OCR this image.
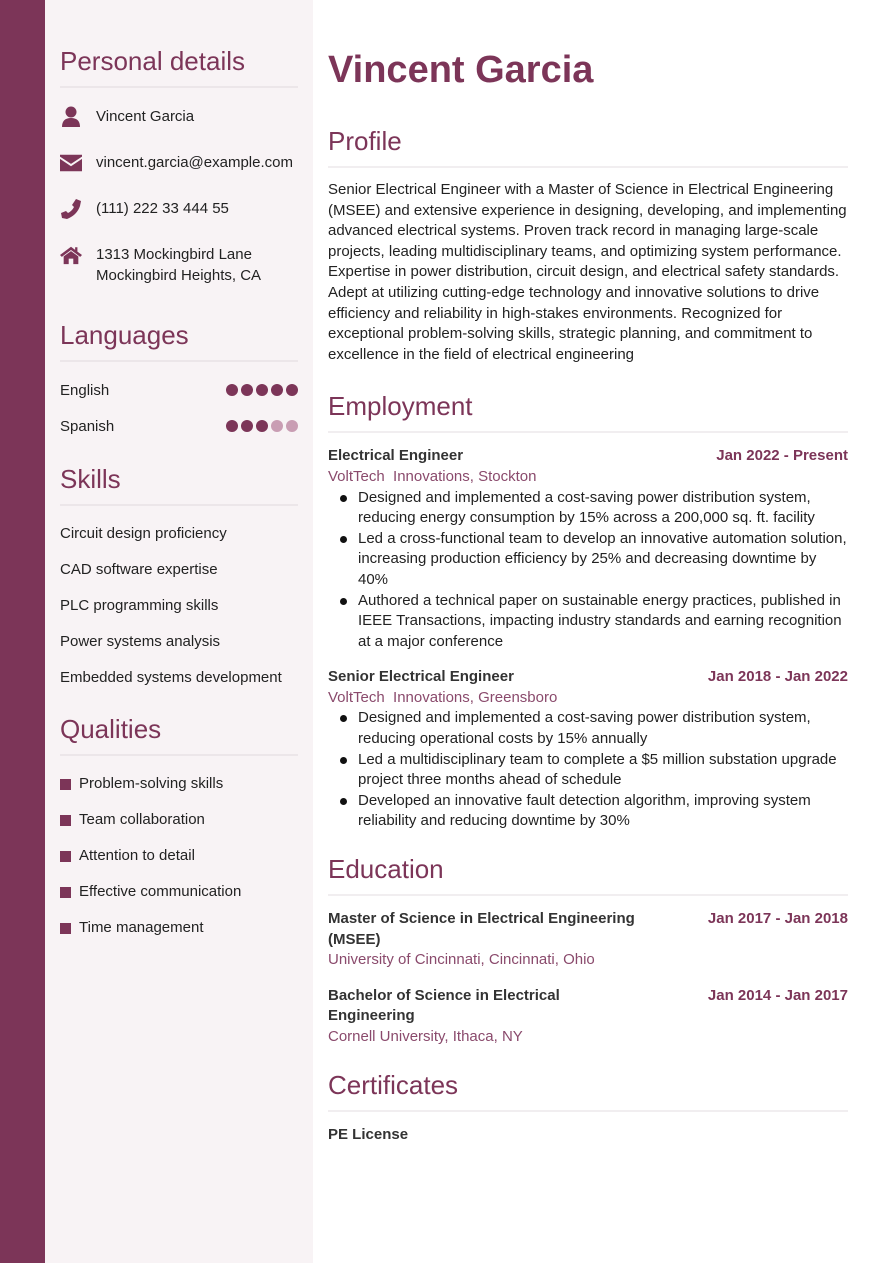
Personal details
Vincent Garcia
vincent.garcia@example.com
(111) 222 33 444 55
1313 Mockingbird Lane
Mockingbird Heights, CA
Languages
English
Spanish
Skills
Circuit design proficiency
CAD software expertise
PLC programming skills
Power systems analysis
Embedded systems development
Qualities
Problem-solving skills
Team collaboration
Attention to detail
Effective communication
Time management
Vincent Garcia
Profile

Senior Electrical Engineer with a Master of Science in Electrical Engineering (MSEE) and extensive experience in designing, developing, and implementing advanced electrical systems. Proven track record in managing large-scale projects, leading multidisciplinary teams, and optimizing system performance. Expertise in power distribution, circuit design, and electrical safety standards. Adept at utilizing cutting-edge technology and innovative solutions to drive efficiency and reliability in high-stakes environments. Recognized for exceptional problem-solving skills, strategic planning, and commitment to excellence in the field of electrical engineering

Employment
Electrical Engineer	Jan 2022 - Present
VoltTech  Innovations, Stockton
Designed and implemented a cost-saving power distribution system, reducing energy consumption by 15% across a 200,000 sq. ft. facility
Led a cross-functional team to develop an innovative automation solution, increasing production efficiency by 25% and decreasing downtime by 40%
Authored a technical paper on sustainable energy practices, published in IEEE Transactions, impacting industry standards and earning recognition at a major conference
Senior Electrical Engineer	Jan 2018 - Jan 2022
VoltTech  Innovations, Greensboro
Designed and implemented a cost-saving power distribution system, reducing operational costs by 15% annually
Led a multidisciplinary team to complete a $5 million substation upgrade project three months ahead of schedule
Developed an innovative fault detection algorithm, improving system reliability and reducing downtime by 30%
Education
Master of Science in Electrical Engineering (MSEE)
Jan 2017 - Jan 2018
University of Cincinnati, Cincinnati, Ohio
Bachelor of Science in Electrical Engineering
Jan 2014 - Jan 2017
Cornell University, Ithaca, NY
Certificates
PE License
